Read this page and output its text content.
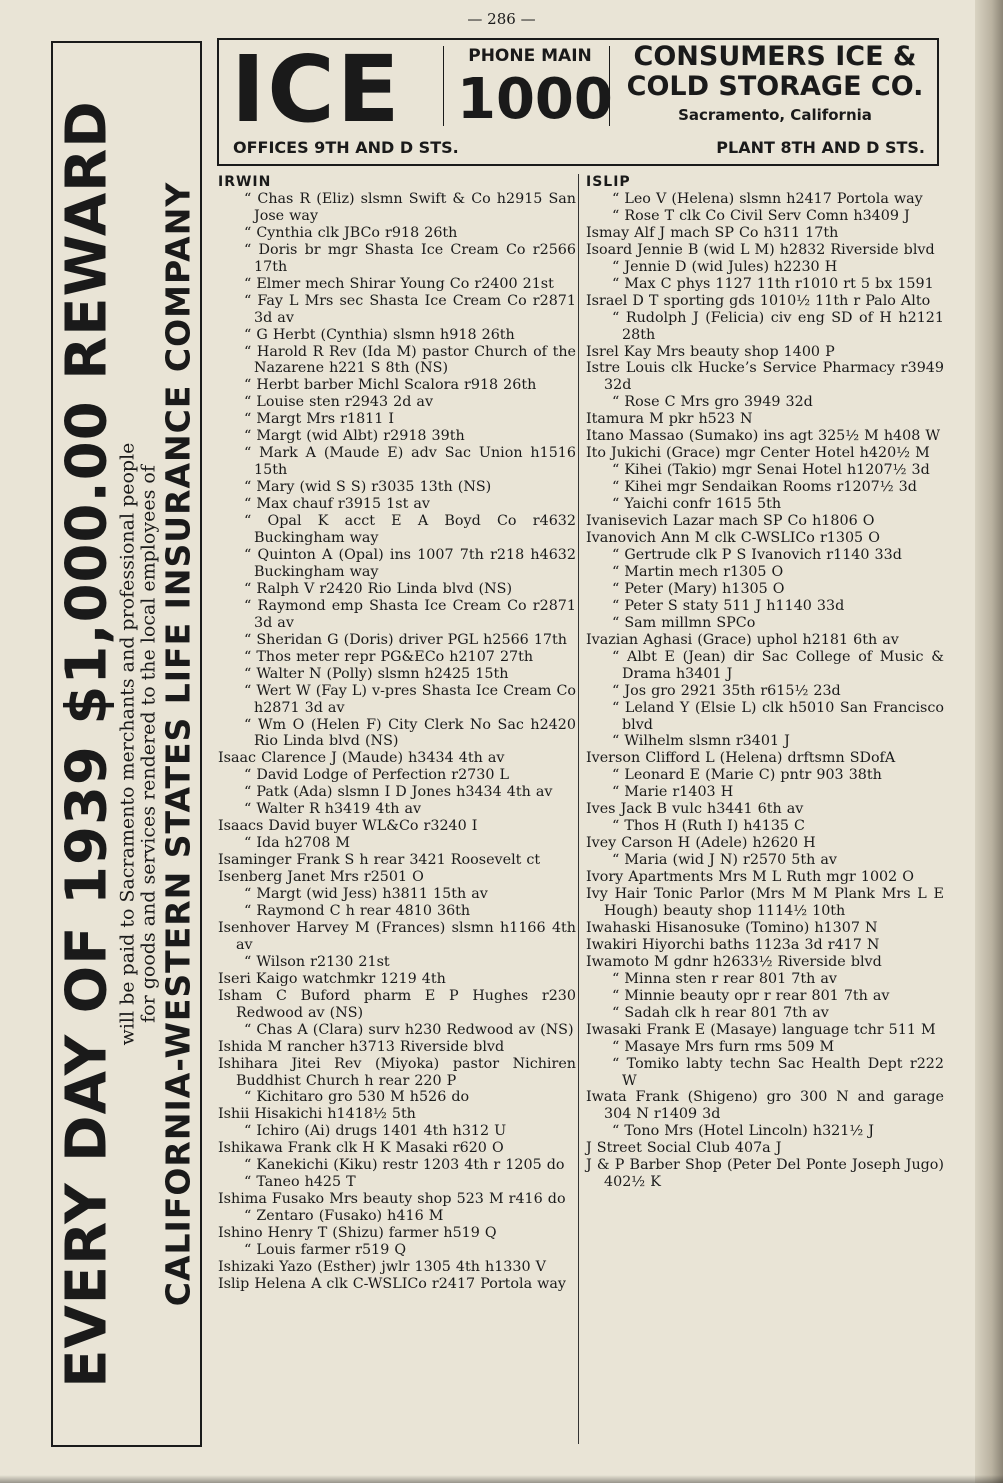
— 286 —
EVERY DAY OF 1939 $1,000.00 REWARD
will be paid to Sacramento merchants and professional people for goods and services rendered to the local employees of CALIFORNIA-WESTERN STATES LIFE INSURANCE COMPANY
ICE	PHONE MAIN
1000
CONSUMERS ICE &
COLD STORAGE CO.
Sacramento, California
OFFICES 9TH AND D STS.	PLANT 8TH AND D STS.
IRWIN
“ Chas R (Eliz) slsmn Swift & Co h2915 San Jose way
“ Cynthia clk JBCo r918 26th
“ Doris br mgr Shasta Ice Cream Co r2566 17th
“ Elmer mech Shirar Young Co r2400 21st
“ Fay L Mrs sec Shasta Ice Cream Co r2871 3d av
“ G Herbt (Cynthia) slsmn h918 26th
“ Harold R Rev (Ida M) pastor Church of the Nazarene h221 S 8th (NS)
“ Herbt barber Michl Scalora r918 26th
“ Louise sten r2943 2d av
“ Margt Mrs r1811 I
“ Margt (wid Albt) r2918 39th
“ Mark A (Maude E) adv Sac Union h1516 15th
“ Mary (wid S S) r3035 13th (NS)
“ Max chauf r3915 1st av
“ Opal K acct E A Boyd Co r4632 Buckingham way
“ Quinton A (Opal) ins 1007 7th r218 h4632 Buckingham way
“ Ralph V r2420 Rio Linda blvd (NS)
“ Raymond emp Shasta Ice Cream Co r2871 3d av
“ Sheridan G (Doris) driver PGL h2566 17th
“ Thos meter repr PG&ECo h2107 27th
“ Walter N (Polly) slsmn h2425 15th
“ Wert W (Fay L) v-pres Shasta Ice Cream Co h2871 3d av
“ Wm O (Helen F) City Clerk No Sac h2420 Rio Linda blvd (NS)
Isaac Clarence J (Maude) h3434 4th av
“ David Lodge of Perfection r2730 L
“ Patk (Ada) slsmn I D Jones h3434 4th av
“ Walter R h3419 4th av
Isaacs David buyer WL&Co r3240 I
“ Ida h2708 M
Isaminger Frank S h rear 3421 Roosevelt ct
Isenberg Janet Mrs r2501 O
“ Margt (wid Jess) h3811 15th av
“ Raymond C h rear 4810 36th
Isenhover Harvey M (Frances) slsmn h1166 4th av
“ Wilson r2130 21st
Iseri Kaigo watchmkr 1219 4th
Isham C Buford pharm E P Hughes r230 Redwood av (NS)
“ Chas A (Clara) surv h230 Redwood av (NS)
Ishida M rancher h3713 Riverside blvd
Ishihara Jitei Rev (Miyoka) pastor Nichiren Buddhist Church h rear 220 P
“ Kichitaro gro 530 M h526 do
Ishii Hisakichi h1418½ 5th
“ Ichiro (Ai) drugs 1401 4th h312 U
Ishikawa Frank clk H K Masaki r620 O
“ Kanekichi (Kiku) restr 1203 4th r 1205 do
“ Taneo h425 T
Ishima Fusako Mrs beauty shop 523 M r416 do
“ Zentaro (Fusako) h416 M
Ishino Henry T (Shizu) farmer h519 Q
“ Louis farmer r519 Q
Ishizaki Yazo (Esther) jwlr 1305 4th h1330 V
Islip Helena A clk C-WSLICo r2417 Portola way
ISLIP
“ Leo V (Helena) slsmn h2417 Portola way
“ Rose T clk Co Civil Serv Comn h3409 J
Ismay Alf J mach SP Co h311 17th
Isoard Jennie B (wid L M) h2832 Riverside blvd
“ Jennie D (wid Jules) h2230 H
“ Max C phys 1127 11th r1010 rt 5 bx 1591
Israel D T sporting gds 1010½ 11th r Palo Alto
“ Rudolph J (Felicia) civ eng SD of H h2121 28th
Isrel Kay Mrs beauty shop 1400 P
Istre Louis clk Hucke’s Service Pharmacy r3949 32d
“ Rose C Mrs gro 3949 32d
Itamura M pkr h523 N
Itano Massao (Sumako) ins agt 325½ M h408 W
Ito Jukichi (Grace) mgr Center Hotel h420½ M
“ Kihei (Takio) mgr Senai Hotel h1207½ 3d
“ Kihei mgr Sendaikan Rooms r1207½ 3d
“ Yaichi confr 1615 5th
Ivanisevich Lazar mach SP Co h1806 O
Ivanovich Ann M clk C-WSLICo r1305 O
“ Gertrude clk P S Ivanovich r1140 33d
“ Martin mech r1305 O
“ Peter (Mary) h1305 O
“ Peter S staty 511 J h1140 33d
“ Sam millmn SPCo
Ivazian Aghasi (Grace) uphol h2181 6th av
“ Albt E (Jean) dir Sac College of Music & Drama h3401 J
“ Jos gro 2921 35th r615½ 23d
“ Leland Y (Elsie L) clk h5010 San Francisco blvd
“ Wilhelm slsmn r3401 J
Iverson Clifford L (Helena) drftsmn SDofA
“ Leonard E (Marie C) pntr 903 38th
“ Marie r1403 H
Ives Jack B vulc h3441 6th av
“ Thos H (Ruth I) h4135 C
Ivey Carson H (Adele) h2620 H
“ Maria (wid J N) r2570 5th av
Ivory Apartments Mrs M L Ruth mgr 1002 O
Ivy Hair Tonic Parlor (Mrs M M Plank Mrs L E Hough) beauty shop 1114½ 10th
Iwahaski Hisanosuke (Tomino) h1307 N
Iwakiri Hiyorchi baths 1123a 3d r417 N
Iwamoto M gdnr h2633½ Riverside blvd
“ Minna sten r rear 801 7th av
“ Minnie beauty opr r rear 801 7th av
“ Sadah clk h rear 801 7th av
Iwasaki Frank E (Masaye) language tchr 511 M
“ Masaye Mrs furn rms 509 M
“ Tomiko labty techn Sac Health Dept r222 W
Iwata Frank (Shigeno) gro 300 N and garage 304 N r1409 3d
“ Tono Mrs (Hotel Lincoln) h321½ J
J Street Social Club 407a J
J & P Barber Shop (Peter Del Ponte Joseph Jugo) 402½ K
